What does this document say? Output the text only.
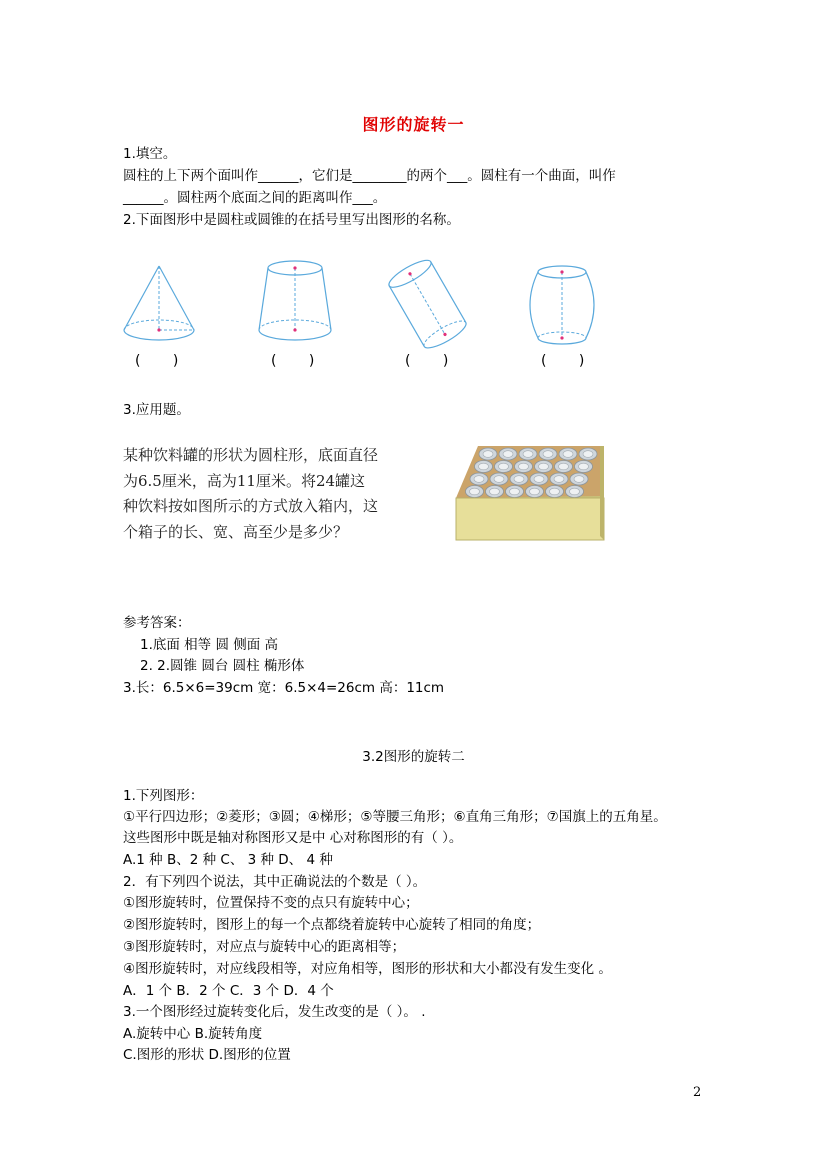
图形的旋转一
1.填空。
圆柱的上下两个面叫作______，它们是________的两个___。圆柱有一个曲面，叫作
______。圆柱两个底面之间的距离叫作___。
2.下面图形中是圆柱或圆锥的在括号里写出图形的名称。
( )	( )	( )	( )
3.应用题。
某种饮料罐的形状为圆柱形，底面直径
为6.5厘米，高为11厘米。将24罐这
种饮料按如图所示的方式放入箱内，这
个箱子的长、宽、高至少是多少？
参考答案：
1.底面 相等 圆 侧面 高
2. 2.圆锥 圆台 圆柱 椭形体
3.长：6.5×6=39cm 宽：6.5×4=26cm 高：11cm
3.2图形的旋转二
1.下列图形：
①平行四边形；②菱形；③圆；④梯形；⑤等腰三角形；⑥直角三角形；⑦国旗上的五角星。
这些图形中既是轴对称图形又是中 心对称图形的有（ ）。
A.1 种 B、2 种 C、 3 种 D、 4 种
2．有下列四个说法，其中正确说法的个数是（ ）。
①图形旋转时，位置保持不变的点只有旋转中心；
②图形旋转时，图形上的每一个点都绕着旋转中心旋转了相同的角度；
③图形旋转时，对应点与旋转中心的距离相等；
④图形旋转时，对应线段相等，对应角相等，图形的形状和大小都没有发生变化 。
A．1 个 B．2 个 C．3 个 D．4 个
3.一个图形经过旋转变化后，发生改变的是（ ）。 .
A.旋转中心 B.旋转角度
C.图形的形状 D.图形的位置
2
